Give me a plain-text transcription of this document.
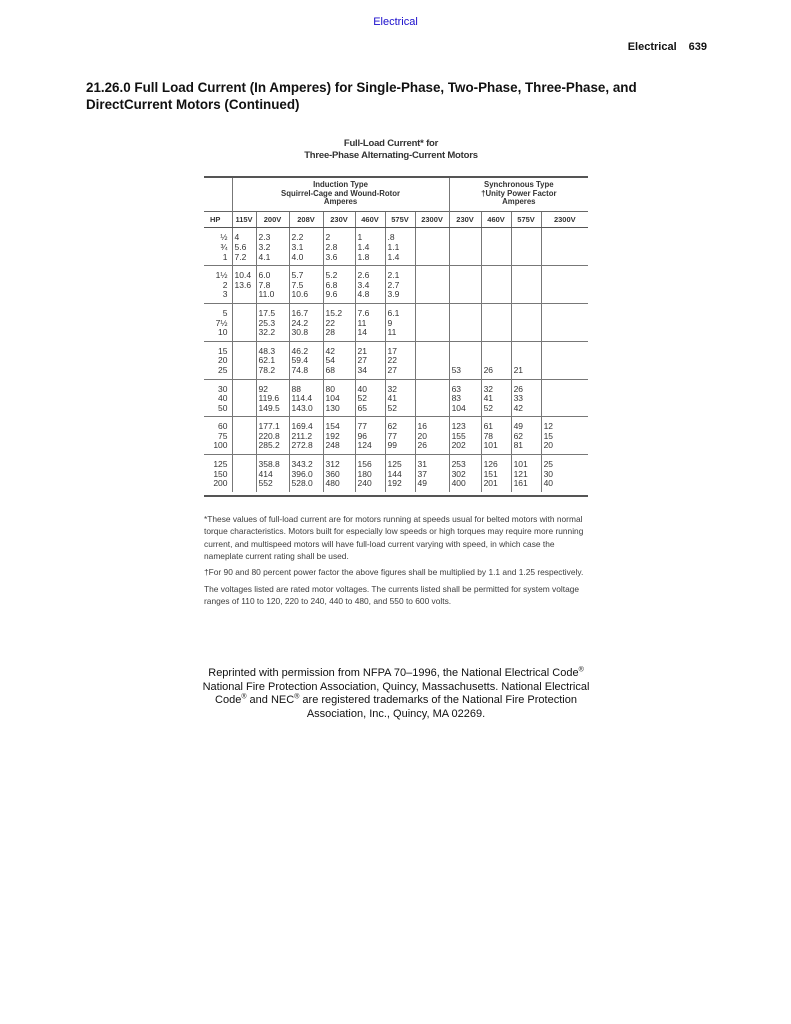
Electrical
Electrical 639
21.26.0 Full Load Current (In Amperes) for Single-Phase, Two-Phase, Three-Phase, and DirectCurrent Motors (Continued)
Full-Load Current* for
Three-Phase Alternating-Current Motors

	Induction Type
Squirrel-Cage and Wound-Rotor
Amperes							Synchronous Type
†Unity Power Factor
Amperes			

HP	115V	200V	208V	230V	460V	575V	2300V	230V	460V	575V	2300V
½	4	2.3	2.2	2	1	.8					
¾	5.6	3.2	3.1	2.8	1.4	1.1					
1	7.2	4.1	4.0	3.6	1.8	1.4					
1½	10.4	6.0	5.7	5.2	2.6	2.1					
2	13.6	7.8	7.5	6.8	3.4	2.7					
3		11.0	10.6	9.6	4.8	3.9					
5		17.5	16.7	15.2	7.6	6.1					
7½		25.3	24.2	22	11	9					
10		32.2	30.8	28	14	11					
15		48.3	46.2	42	21	17					
20		62.1	59.4	54	27	22					
25		78.2	74.8	68	34	27		53	26	21	
30		92	88	80	40	32		63	32	26	
40		119.6	114.4	104	52	41		83	41	33	
50		149.5	143.0	130	65	52		104	52	42	
60		177.1	169.4	154	77	62	16	123	61	49	12
75		220.8	211.2	192	96	77	20	155	78	62	15
100		285.2	272.8	248	124	99	26	202	101	81	20
125		358.8	343.2	312	156	125	31	253	126	101	25
150		414	396.0	360	180	144	37	302	151	121	30
200		552	528.0	480	240	192	49	400	201	161	40

*These values of full-load current are for motors running at speeds usual for belted motors with normal torque characteristics. Motors built for especially low speeds or high torques may require more running current, and multispeed motors will have full-load current varying with speed, in which case the nameplate current rating shall be used.

†For 90 and 80 percent power factor the above figures shall be multiplied by 1.1 and 1.25 respectively.

The voltages listed are rated motor voltages. The currents listed shall be permitted for system voltage ranges of 110 to 120, 220 to 240, 440 to 480, and 550 to 600 volts.

Reprinted with permission from NFPA 70–1996, the National Electrical Code® National Fire Protection Association, Quincy, Massachusetts. National Electrical Code® and NEC® are registered trademarks of the National Fire Protection Association, Inc., Quincy, MA 02269.
